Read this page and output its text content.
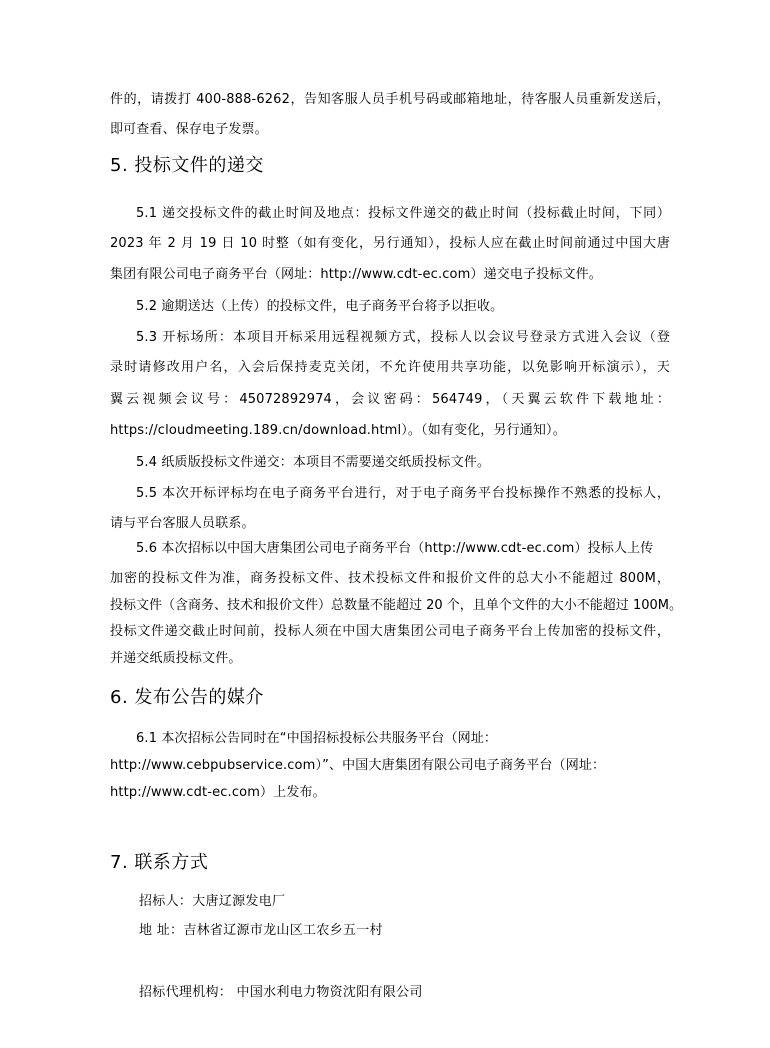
件的，请拨打 400-888-6262，告知客服人员手机号码或邮箱地址，待客服人员重新发送后，
即可查看、保存电子发票。
5. 投标文件的递交
5.1 递交投标文件的截止时间及地点：投标文件递交的截止时间（投标截止时间，下同）
2023 年 2 月 19 日 10 时整（如有变化，另行通知），投标人应在截止时间前通过中国大唐
集团有限公司电子商务平台（网址：http://www.cdt-ec.com）递交电子投标文件。
5.2 逾期送达（上传）的投标文件，电子商务平台将予以拒收。
5.3 开标场所：本项目开标采用远程视频方式，投标人以会议号登录方式进入会议（登
录时请修改用户名，入会后保持麦克关闭，不允许使用共享功能，以免影响开标演示），天
翼云视频会议号：45072892974，会议密码：564749，（天翼云软件下载地址：
https://cloudmeeting.189.cn/download.html）。（如有变化，另行通知）。
5.4 纸质版投标文件递交：本项目不需要递交纸质投标文件。
5.5 本次开标评标均在电子商务平台进行，对于电子商务平台投标操作不熟悉的投标人，
请与平台客服人员联系。
5.6 本次招标以中国大唐集团公司电子商务平台（http://www.cdt-ec.com）投标人上传
加密的投标文件为准，商务投标文件、技术投标文件和报价文件的总大小不能超过 800M，
投标文件（含商务、技术和报价文件）总数量不能超过 20 个，且单个文件的大小不能超过 100M。
投标文件递交截止时间前，投标人须在中国大唐集团公司电子商务平台上传加密的投标文件，
并递交纸质投标文件。
6. 发布公告的媒介
6.1 本次招标公告同时在“中国招标投标公共服务平台（网址：
http://www.cebpubservice.com）”、中国大唐集团有限公司电子商务平台（网址：
http://www.cdt-ec.com）上发布。
7. 联系方式
招标人：大唐辽源发电厂
地 址：吉林省辽源市龙山区工农乡五一村
招标代理机构： 中国水利电力物资沈阳有限公司
